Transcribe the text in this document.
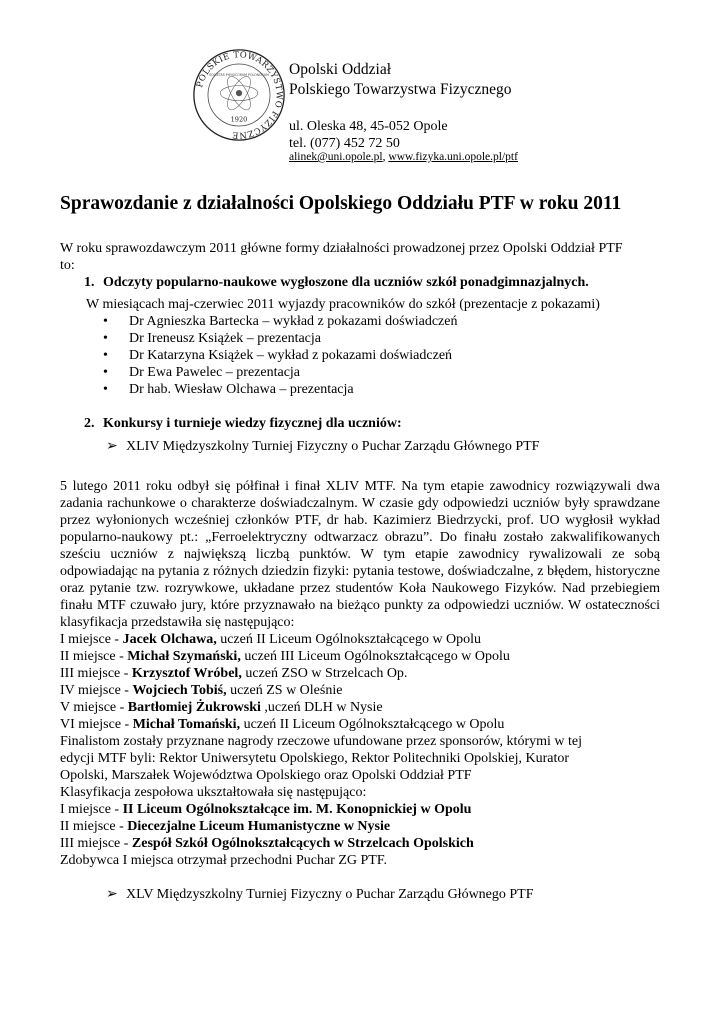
POLSKIE TOWARZYSTWO FIZYCZNE
SOCIETAS PHYSICORUM POLONORUM
1920
Opolski Oddział
Polskiego Towarzystwa Fizycznego
ul. Oleska 48, 45-052 Opole
tel. (077) 452 72 50
alinek@uni.opole.pl, www.fizyka.uni.opole.pl/ptf
Sprawozdanie z działalności Opolskiego Oddziału PTF w roku 2011

W roku sprawozdawczym 2011 główne formy działalności prowadzonej przez Opolski Oddział PTF
to:

1. Odczyty popularno-naukowe wygłoszone dla uczniów szkół ponadgimnazjalnych.

W miesiącach maj-czerwiec 2011 wyjazdy pracowników do szkół (prezentacje z pokazami)

• Dr Agnieszka Bartecka – wykład z pokazami doświadczeń
• Dr Ireneusz Książek – prezentacja
• Dr Katarzyna Książek – wykład z pokazami doświadczeń
• Dr Ewa Pawelec – prezentacja
• Dr hab. Wiesław Olchawa – prezentacja
2. Konkursy i turnieje wiedzy fizycznej dla uczniów:
➢ XLIV Międzyszkolny Turniej Fizyczny o Puchar Zarządu Głównego PTF

5 lutego 2011 roku odbył się półfinał i finał XLIV MTF. Na tym etapie zawodnicy rozwiązywali dwa zadania rachunkowe o charakterze doświadczalnym. W czasie gdy odpowiedzi uczniów były sprawdzane przez wyłonionych wcześniej członków PTF, dr hab. Kazimierz Biedrzycki, prof. UO wygłosił wykład popularno-naukowy pt.: „Ferroelektryczny odtwarzacz obrazu”. Do finału zostało zakwalifikowanych sześciu uczniów z największą liczbą punktów. W tym etapie zawodnicy rywalizowali ze sobą odpowiadając na pytania z różnych dziedzin fizyki: pytania testowe, doświadczalne, z błędem, historyczne oraz pytanie tzw. rozrywkowe, układane przez studentów Koła Naukowego Fizyków. Nad przebiegiem finału MTF czuwało jury, które przyznawało na bieżąco punkty za odpowiedzi uczniów. W ostateczności klasyfikacja przedstawiła się następująco:

I miejsce - Jacek Olchawa, uczeń II Liceum Ogólnokształcącego w Opolu
II miejsce - Michał Szymański, uczeń III Liceum Ogólnokształcącego w Opolu
III miejsce - Krzysztof Wróbel, uczeń ZSO w Strzelcach Op.
IV miejsce - Wojciech Tobiś, uczeń ZS w Oleśnie
V miejsce - Bartłomiej Żukrowski ,uczeń DLH w Nysie
VI miejsce - Michał Tomański, uczeń II Liceum Ogólnokształcącego w Opolu
Finalistom zostały przyznane nagrody rzeczowe ufundowane przez sponsorów, którymi w tej
edycji MTF byli: Rektor Uniwersytetu Opolskiego, Rektor Politechniki Opolskiej, Kurator
Opolski, Marszałek Województwa Opolskiego oraz Opolski Oddział PTF
Klasyfikacja zespołowa ukształtowała się następująco:
I miejsce - II Liceum Ogólnokształcące im. M. Konopnickiej w Opolu
II miejsce - Diecezjalne Liceum Humanistyczne w Nysie
III miejsce - Zespół Szkół Ogólnokształcących w Strzelcach Opolskich
Zdobywca I miejsca otrzymał przechodni Puchar ZG PTF.
➢ XLV Międzyszkolny Turniej Fizyczny o Puchar Zarządu Głównego PTF
